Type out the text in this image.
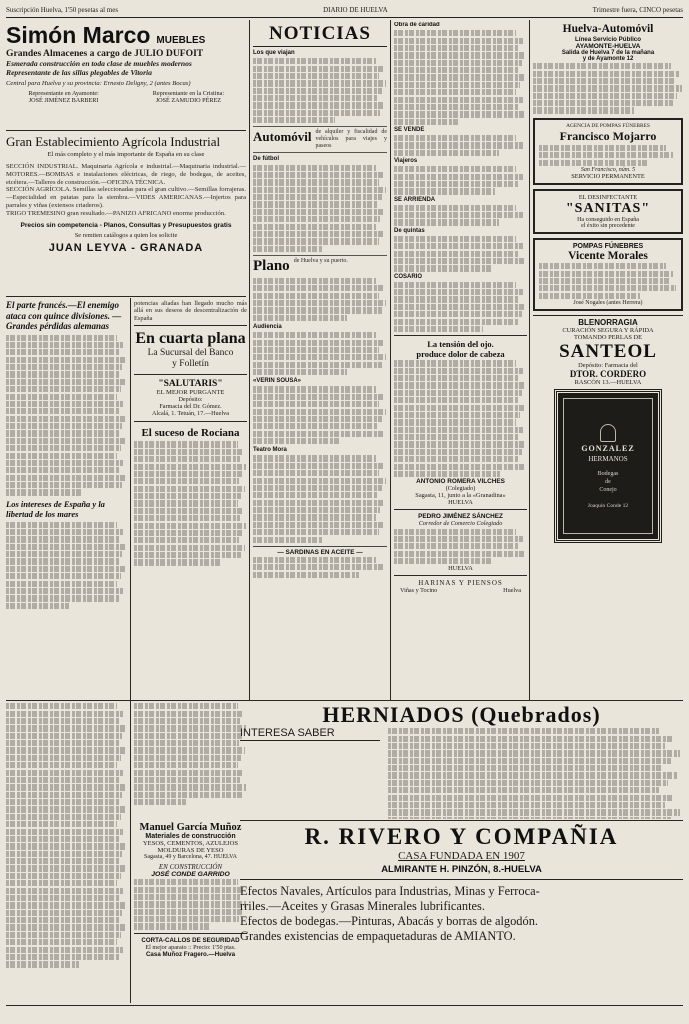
Suscripción Huelva, 1'50 pesetas al mes	DIARIO DE HUELVA	Trimestre fuera, CINCO pesetas
Simón Marco MUEBLES
Grandes Almacenes a cargo de JULIO DUFOIT
Esmerada construcción en toda clase de muebles modernos
Representante de las sillas plegables de Vitoria
Central para Huelva y su provincia: Ernesto Deligny, 2 (antes Bocas)
Representante en Ayamonte:
JOSÉ JIMÉNEZ BARBERI
Representante en la Cristina:
JOSÉ ZAMUDIO PÉREZ
Gran Establecimiento Agrícola Industrial
El más completo y el más importante de España en su clase
SECCIÓN INDUSTRIAL. Maquinaria Agrícola e industrial.—Maquinaria industrial.—MOTORES.—BOMBAS e instalaciones eléctricas, de riego, de bodegas, de aceites, etcétera.—Talleres de construcción.—OFICINA TÉCNICA.
SECCIÓN AGRÍCOLA. Semillas seleccionadas para el gran cultivo.—Semillas forrajeras.—Especialidad en patatas para la siembra.—VIDES AMERICANAS.—Injertos para parrales y viñas (extensos criaderos).
TRIGO TREMESINO gran resultado.—PANIZO AFRICANO enorme producción.
Precios sin competencia - Planos, Consultas y Presupuestos gratis
Se remiten catálogos a quien los solicite
JUAN LEYVA - GRANADA
El parte francés.—El enemigo ataca con quince divisiones. —Grandes pérdidas alemanas
Los intereses de España y la libertad de los mares
potencias aliadas han llegado mucho más allá en sus deseos de descentralización de España
En cuarta plana
La Sucursal del Banco
y Folletín
"SALUTARIS"
EL MEJOR PURGANTE
Depósito:
Farmacia del Dr. Gómez.
Alcalá, 1. Tetuán, 17.—Huelva
El suceso de Rociana
Manuel García Muñoz
Materiales de construcción
YESOS, CEMENTOS, AZULEJOS
MOLDURAS DE YESO
Sagasta, 49 y Barcelona, 47. HUELVA
EN CONSTRUCCIÓN
JOSÉ CONDE GARRIDO
CORTA-CALLOS DE SEGURIDAD
El mejor aparato :: Precio: 1'50 ptas.
Casa Muñoz Fragero.—Huelva
NOTICIAS
Los que viajan
Automóvil de alquiler y fiscalidad de vehículos para viajes y paseos
De fútbol
Plano de Huelva y su puerto.
Audiencia
«VERIN SOUSA»
Teatro Mora
— SARDINAS EN ACEITE —
Obra de caridad
SE VENDE
Viajeros
SE ARRIENDA
De quintas
COSARIO
La tensión del ojo.
produce dolor de cabeza
ANTONIO ROMERA VILCHES
(Colegiado)
Sagasta, 11, junto a la «Granadina»
HUELVA
PEDRO JIMÉNEZ SÁNCHEZ
Corredor de Comercio Colegiado
HUELVA
HARINAS Y PIENSOS
Viñas y Tocino	Huelva
Huelva-Automóvil
Línea Servicio Público
AYAMONTE-HUELVA
Salida de Huelva 7 de la mañana
y de Ayamonte 12
AGENCIA DE POMPAS FÚNEBRES
Francisco Mojarro
San Francisco, núm. 5
SERVICIO PERMANENTE
EL DESINFECTANTE
"SANITAS"
Ha conseguido en España
el éxito sin precedente
POMPAS FÚNEBRES
Vicente Morales
José Nogales (antes Herrera)
BLENORRAGIA
CURACIÓN SEGURA Y RÁPIDA
TOMANDO PERLAS DE
SANTEOL
Depósito: Farmacia del
DTOR. CORDERO
RASCÓN 13.—HUELVA
GONZALEZ
HERMANOS
Bodegas
de
Conejo
Joaquín Conde 12
HERNIADOS (Quebrados)
INTERESA SABER
R. RIVERO Y COMPAÑIA
CASA FUNDADA EN 1907
ALMIRANTE H. PINZÓN, 8.-HUELVA
Efectos Navales, Artículos para Industrias, Minas y Ferroca-
rriles.—Aceites y Grasas Minerales lubrificantes.
Efectos de bodegas.—Pinturas, Abacás y borras de algodón.
Grandes existencias de empaquetaduras de AMIANTO.
